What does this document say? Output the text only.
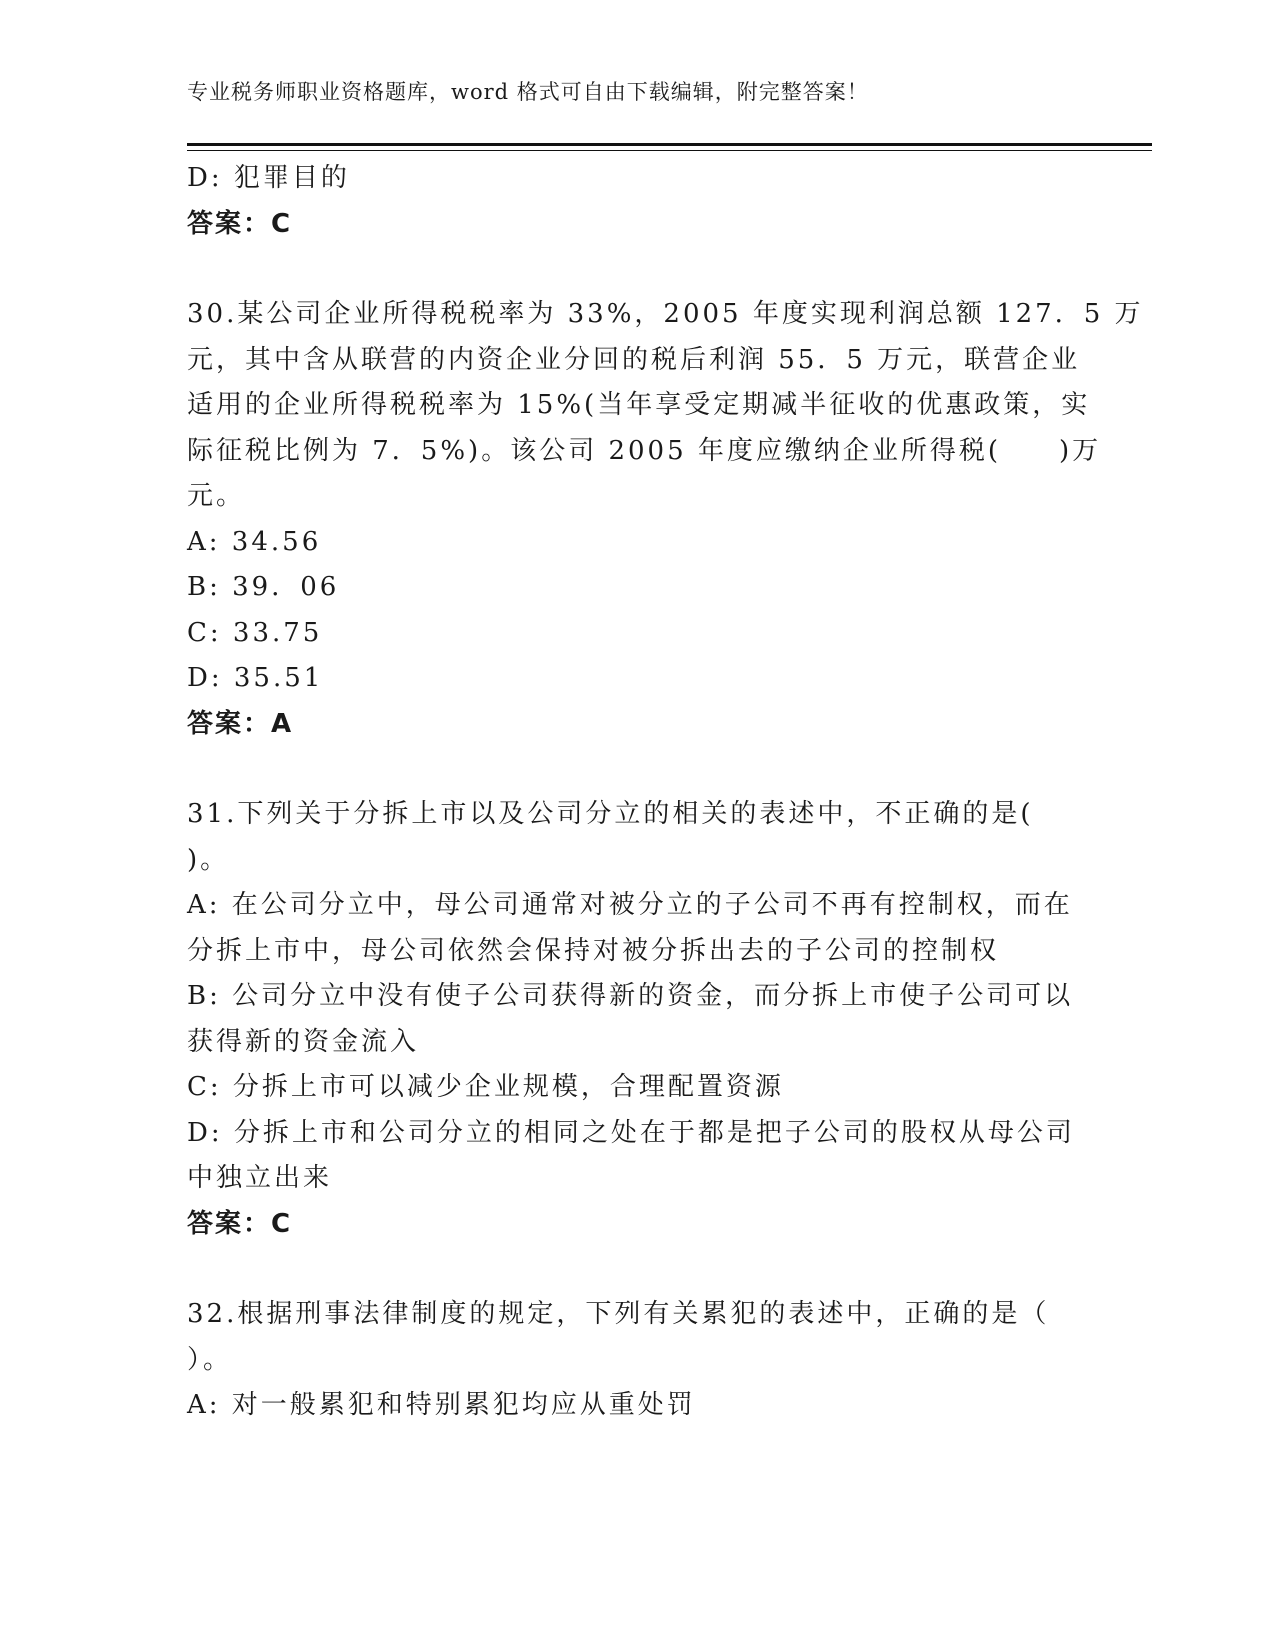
专业税务师职业资格题库，word 格式可自由下载编辑，附完整答案！
D: 犯罪目的
答案：C
30.某公司企业所得税税率为 33%，2005 年度实现利润总额 127．5 万
元，其中含从联营的内资企业分回的税后利润 55．5 万元，联营企业
适用的企业所得税税率为 15%(当年享受定期减半征收的优惠政策，实
际征税比例为 7．5%)。该公司 2005 年度应缴纳企业所得税(　　)万
元。
A: 34.56
B: 39．06
C: 33.75
D: 35.51
答案：A
31.下列关于分拆上市以及公司分立的相关的表述中，不正确的是(
)。
A: 在公司分立中，母公司通常对被分立的子公司不再有控制权，而在
分拆上市中，母公司依然会保持对被分拆出去的子公司的控制权
B: 公司分立中没有使子公司获得新的资金，而分拆上市使子公司可以
获得新的资金流入
C: 分拆上市可以减少企业规模，合理配置资源
D: 分拆上市和公司分立的相同之处在于都是把子公司的股权从母公司
中独立出来
答案：C
32.根据刑事法律制度的规定，下列有关累犯的表述中，正确的是（
）。
A: 对一般累犯和特别累犯均应从重处罚
